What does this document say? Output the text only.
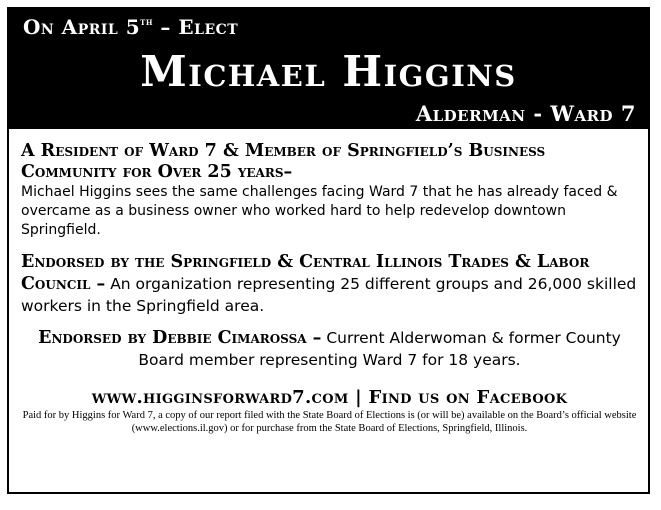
On April 5th – Elect
Michael Higgins
Alderman - Ward 7
A Resident of Ward 7 & Member of Springfield’s Business Community for Over 25 years–
Michael Higgins sees the same challenges facing Ward 7 that he has already faced & overcame as a business owner who worked hard to help redevelop downtown Springfield.
Endorsed by the Springfield & Central Illinois Trades & Labor Council – An organization representing 25 different groups and 26,000 skilled workers in the Springfield area.
Endorsed by Debbie Cimarossa – Current Alderwoman & former County Board member representing Ward 7 for 18 years.
www.higginsforward7.com | Find us on Facebook
Paid for by Higgins for Ward 7, a copy of our report filed with the State Board of Elections is (or will be) available on the Board’s official website (www.elections.il.gov) or for purchase from the State Board of Elections, Springfield, Illinois.
